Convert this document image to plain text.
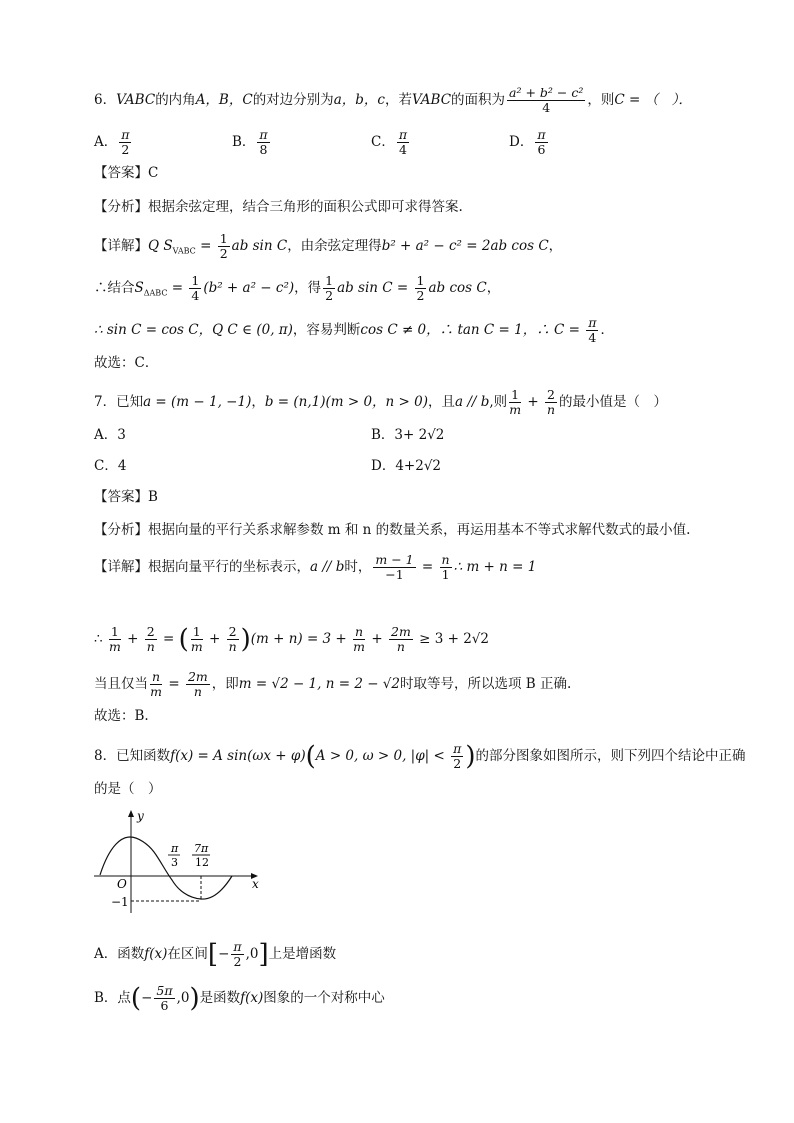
6．VABC的内角A，B，C的对边分别为a，b，c，若VABC的面积为 $\frac{\text{a² + b² − c²}}{4}$ ，则C = （　）．
A． $\frac{\pi}{2}$	B． $\frac{\pi}{8}$	C． $\frac{\pi}{4}$	D． $\frac{\pi}{6}$
【答案】C
【分析】根据余弦定理，结合三角形的面积公式即可求得答案.
【详解】Q $S_{VABC} = \frac{1}{2}$ ab sin C，由余弦定理得b² + a² − c² = 2ab cos C，
∴结合$S_{\Delta ABC} = \frac{1}{4} (b^2 + a^2 - c^2)$，得 $\frac{1}{2}$ ab $\sin C = \frac{1}{2}$ ab cos C，
∴ sin C = cos C，Q C ∈ (0, π)，容易判断cos C ≠ 0，∴ tan C = 1，∴ $C = \frac{\pi}{4}$ ．
故选：C．
7．已知a = (m − 1, −1)，b = (n,1)(m > 0，n > 0)，且a // b,则 $\frac{1}{m} + \frac{2}{n}$ 的最小值是（　）
A．3	B．3+ 2√2
C．4	D．4+2√2
【答案】B
【分析】根据向量的平行关系求解参数 m 和 n 的数量关系，再运用基本不等式求解代数式的最小值.
【详解】根据向量平行的坐标表示，a // b时， $\frac{m - 1}{-1} = \frac{n}{1}$ ∴ m + n = 1
∴ $\frac{1}{m} + \frac{2}{n}$ = ( $\frac{1}{m} + \frac{2}{n} )(m + n) = 3 + \frac{n}{m} + \frac{2m}{n} \ge 3 + 2√2$
当且仅当 $\frac{n}{m} = \frac{2m}{n}$ ，即m = √2 − 1, n = 2 − √2时取等号，所以选项 B 正确.
故选：B.
8．已知函数f(x) = A sin(ωx + φ)(A > 0, ω > 0, $|\varphi| < \frac{\pi}{2}$ )的部分图象如图所示，则下列四个结论中正确
的是（　）
y
x
O
−1
π
3
7π
12
A．函数f(x)在区间[− $\frac{\pi}{2} ,0$]上是增函数
B．点(− $\frac{5\pi}{6} ,0$)是函数f(x)图象的一个对称中心
